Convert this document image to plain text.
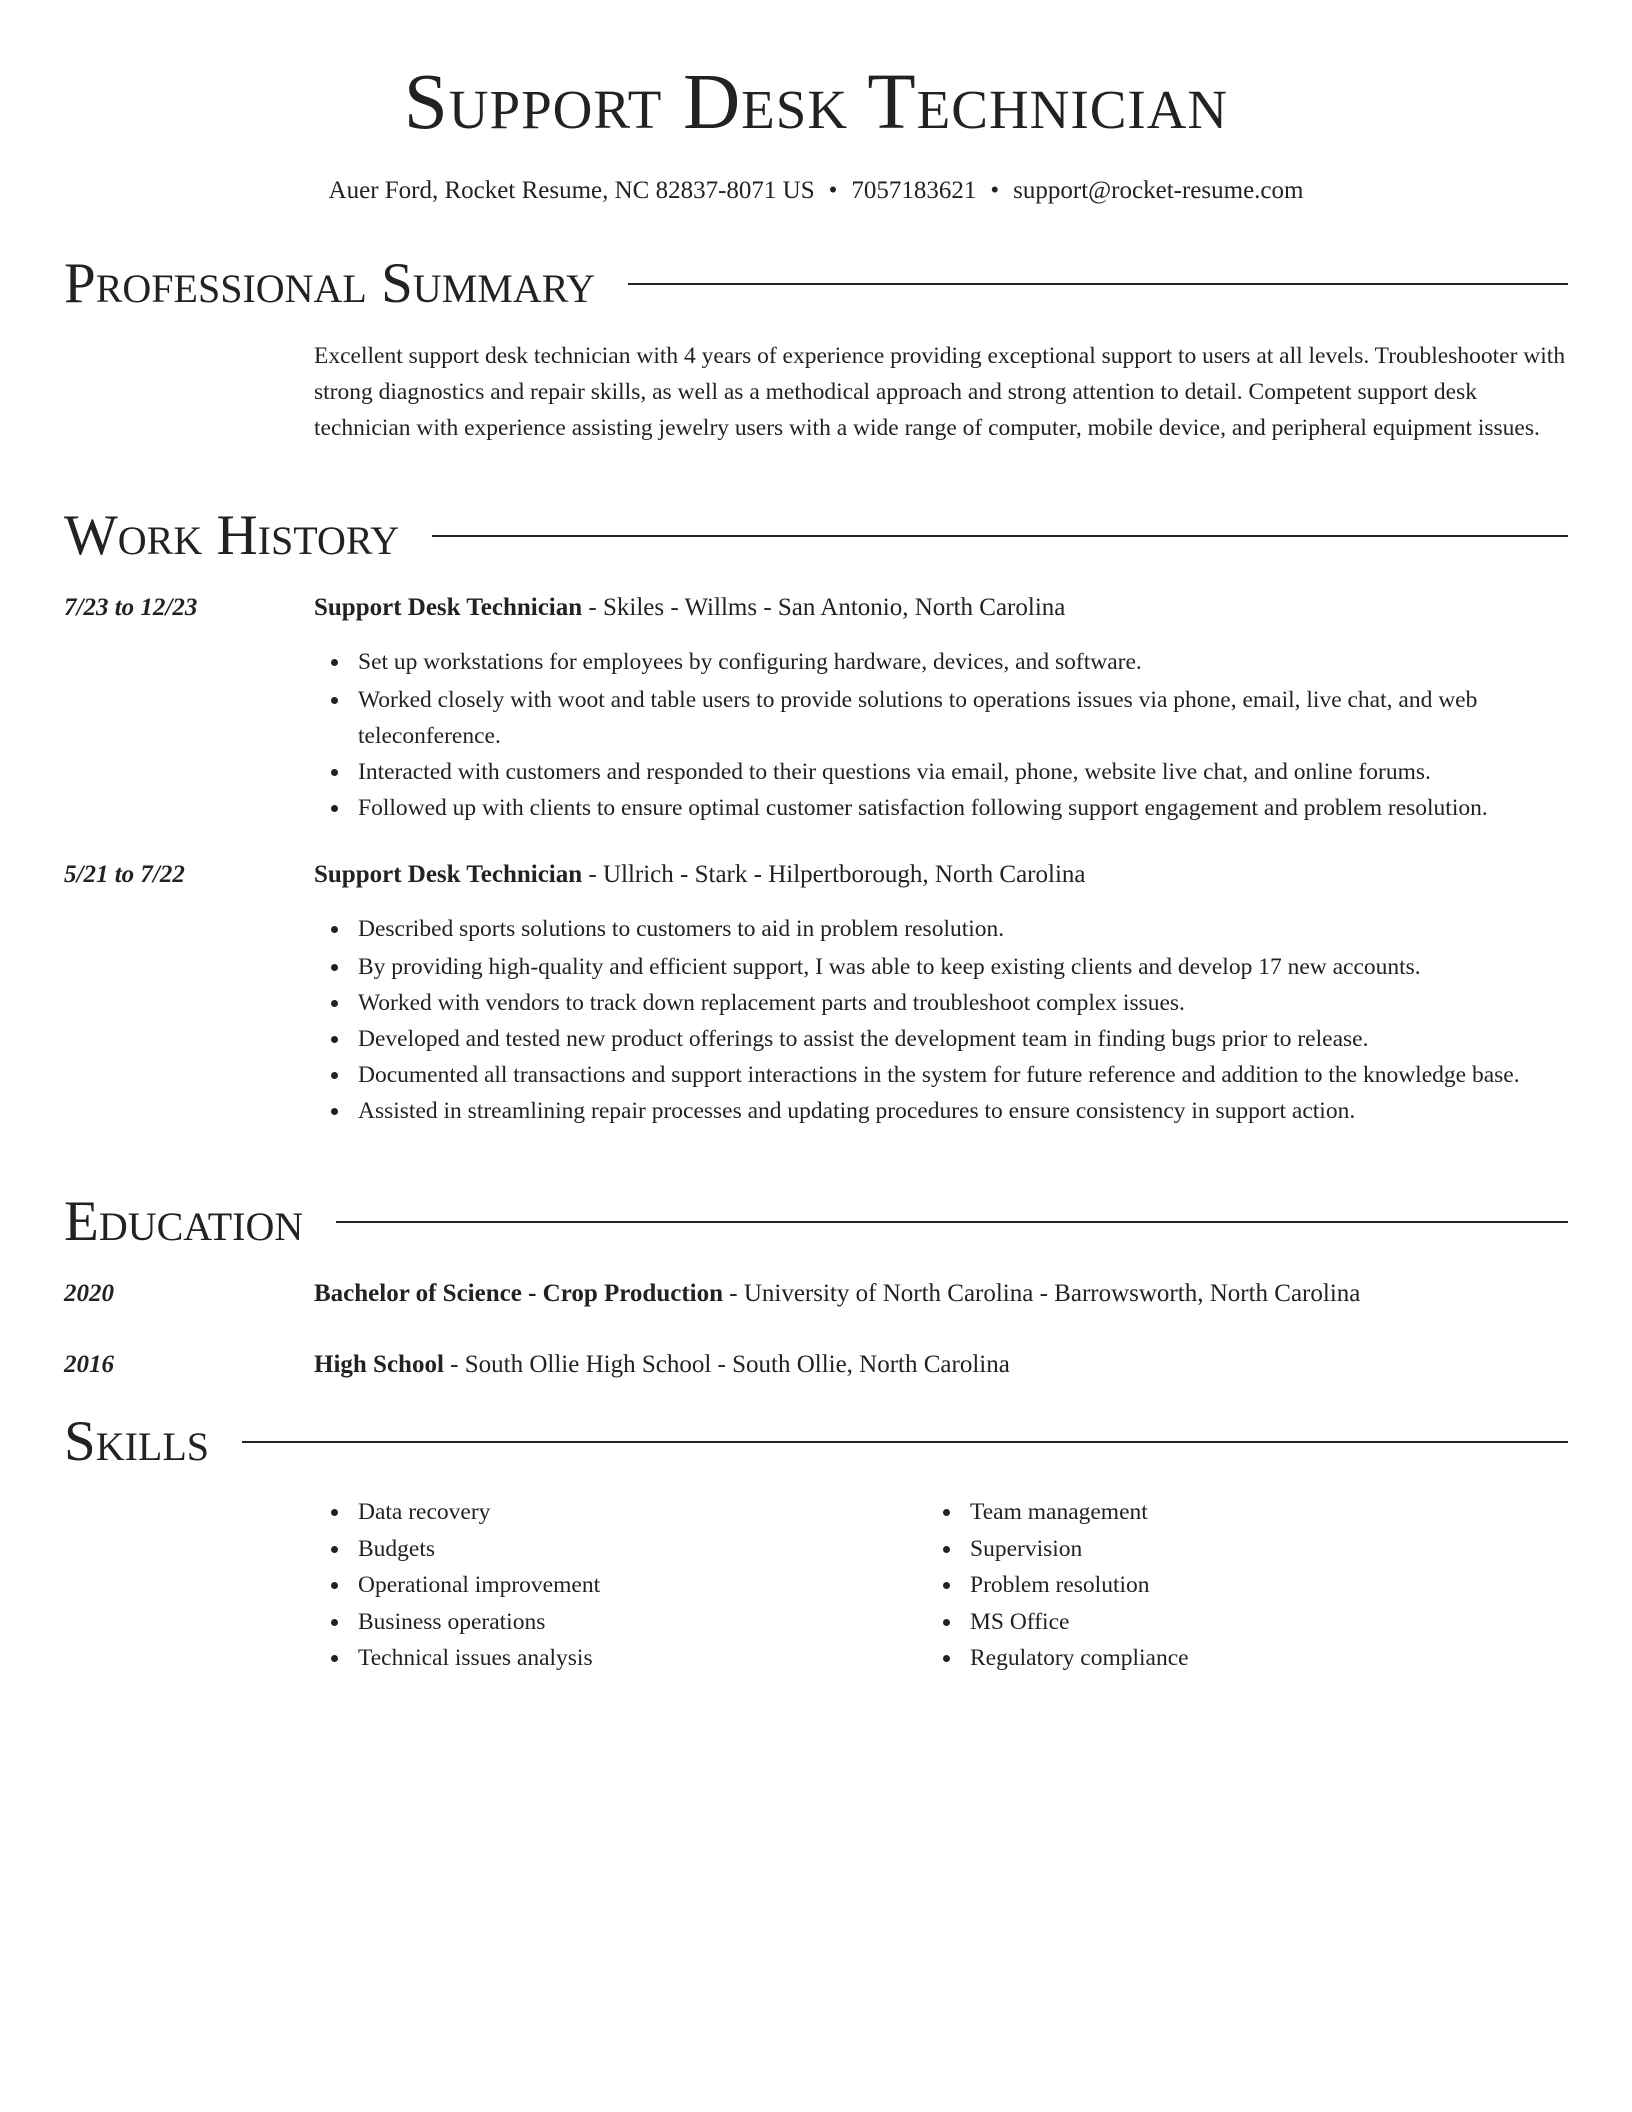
Support Desk Technician
Auer Ford, Rocket Resume, NC 82837-8071 US • 7057183621 • support@rocket-resume.com
Professional Summary

Excellent support desk technician with 4 years of experience providing exceptional support to users at all levels. Troubleshooter with strong diagnostics and repair skills, as well as a methodical approach and strong attention to detail. Competent support desk technician with experience assisting jewelry users with a wide range of computer, mobile device, and peripheral equipment issues.

Work History
7/23 to 12/23	Support Desk Technician - Skiles - Willms - San Antonio, North Carolina
Set up workstations for employees by configuring hardware, devices, and software.
Worked closely with woot and table users to provide solutions to operations issues via phone, email, live chat, and web teleconference.
Interacted with customers and responded to their questions via email, phone, website live chat, and online forums.
Followed up with clients to ensure optimal customer satisfaction following support engagement and problem resolution.
5/21 to 7/22	Support Desk Technician - Ullrich - Stark - Hilpertborough, North Carolina
Described sports solutions to customers to aid in problem resolution.
By providing high-quality and efficient support, I was able to keep existing clients and develop 17 new accounts.
Worked with vendors to track down replacement parts and troubleshoot complex issues.
Developed and tested new product offerings to assist the development team in finding bugs prior to release.
Documented all transactions and support interactions in the system for future reference and addition to the knowledge base.
Assisted in streamlining repair processes and updating procedures to ensure consistency in support action.
Education
2020	Bachelor of Science - Crop Production - University of North Carolina - Barrowsworth, North Carolina
2016	High School - South Ollie High School - South Ollie, North Carolina
Skills
Data recovery
Budgets
Operational improvement
Business operations
Technical issues analysis
Team management
Supervision
Problem resolution
MS Office
Regulatory compliance
